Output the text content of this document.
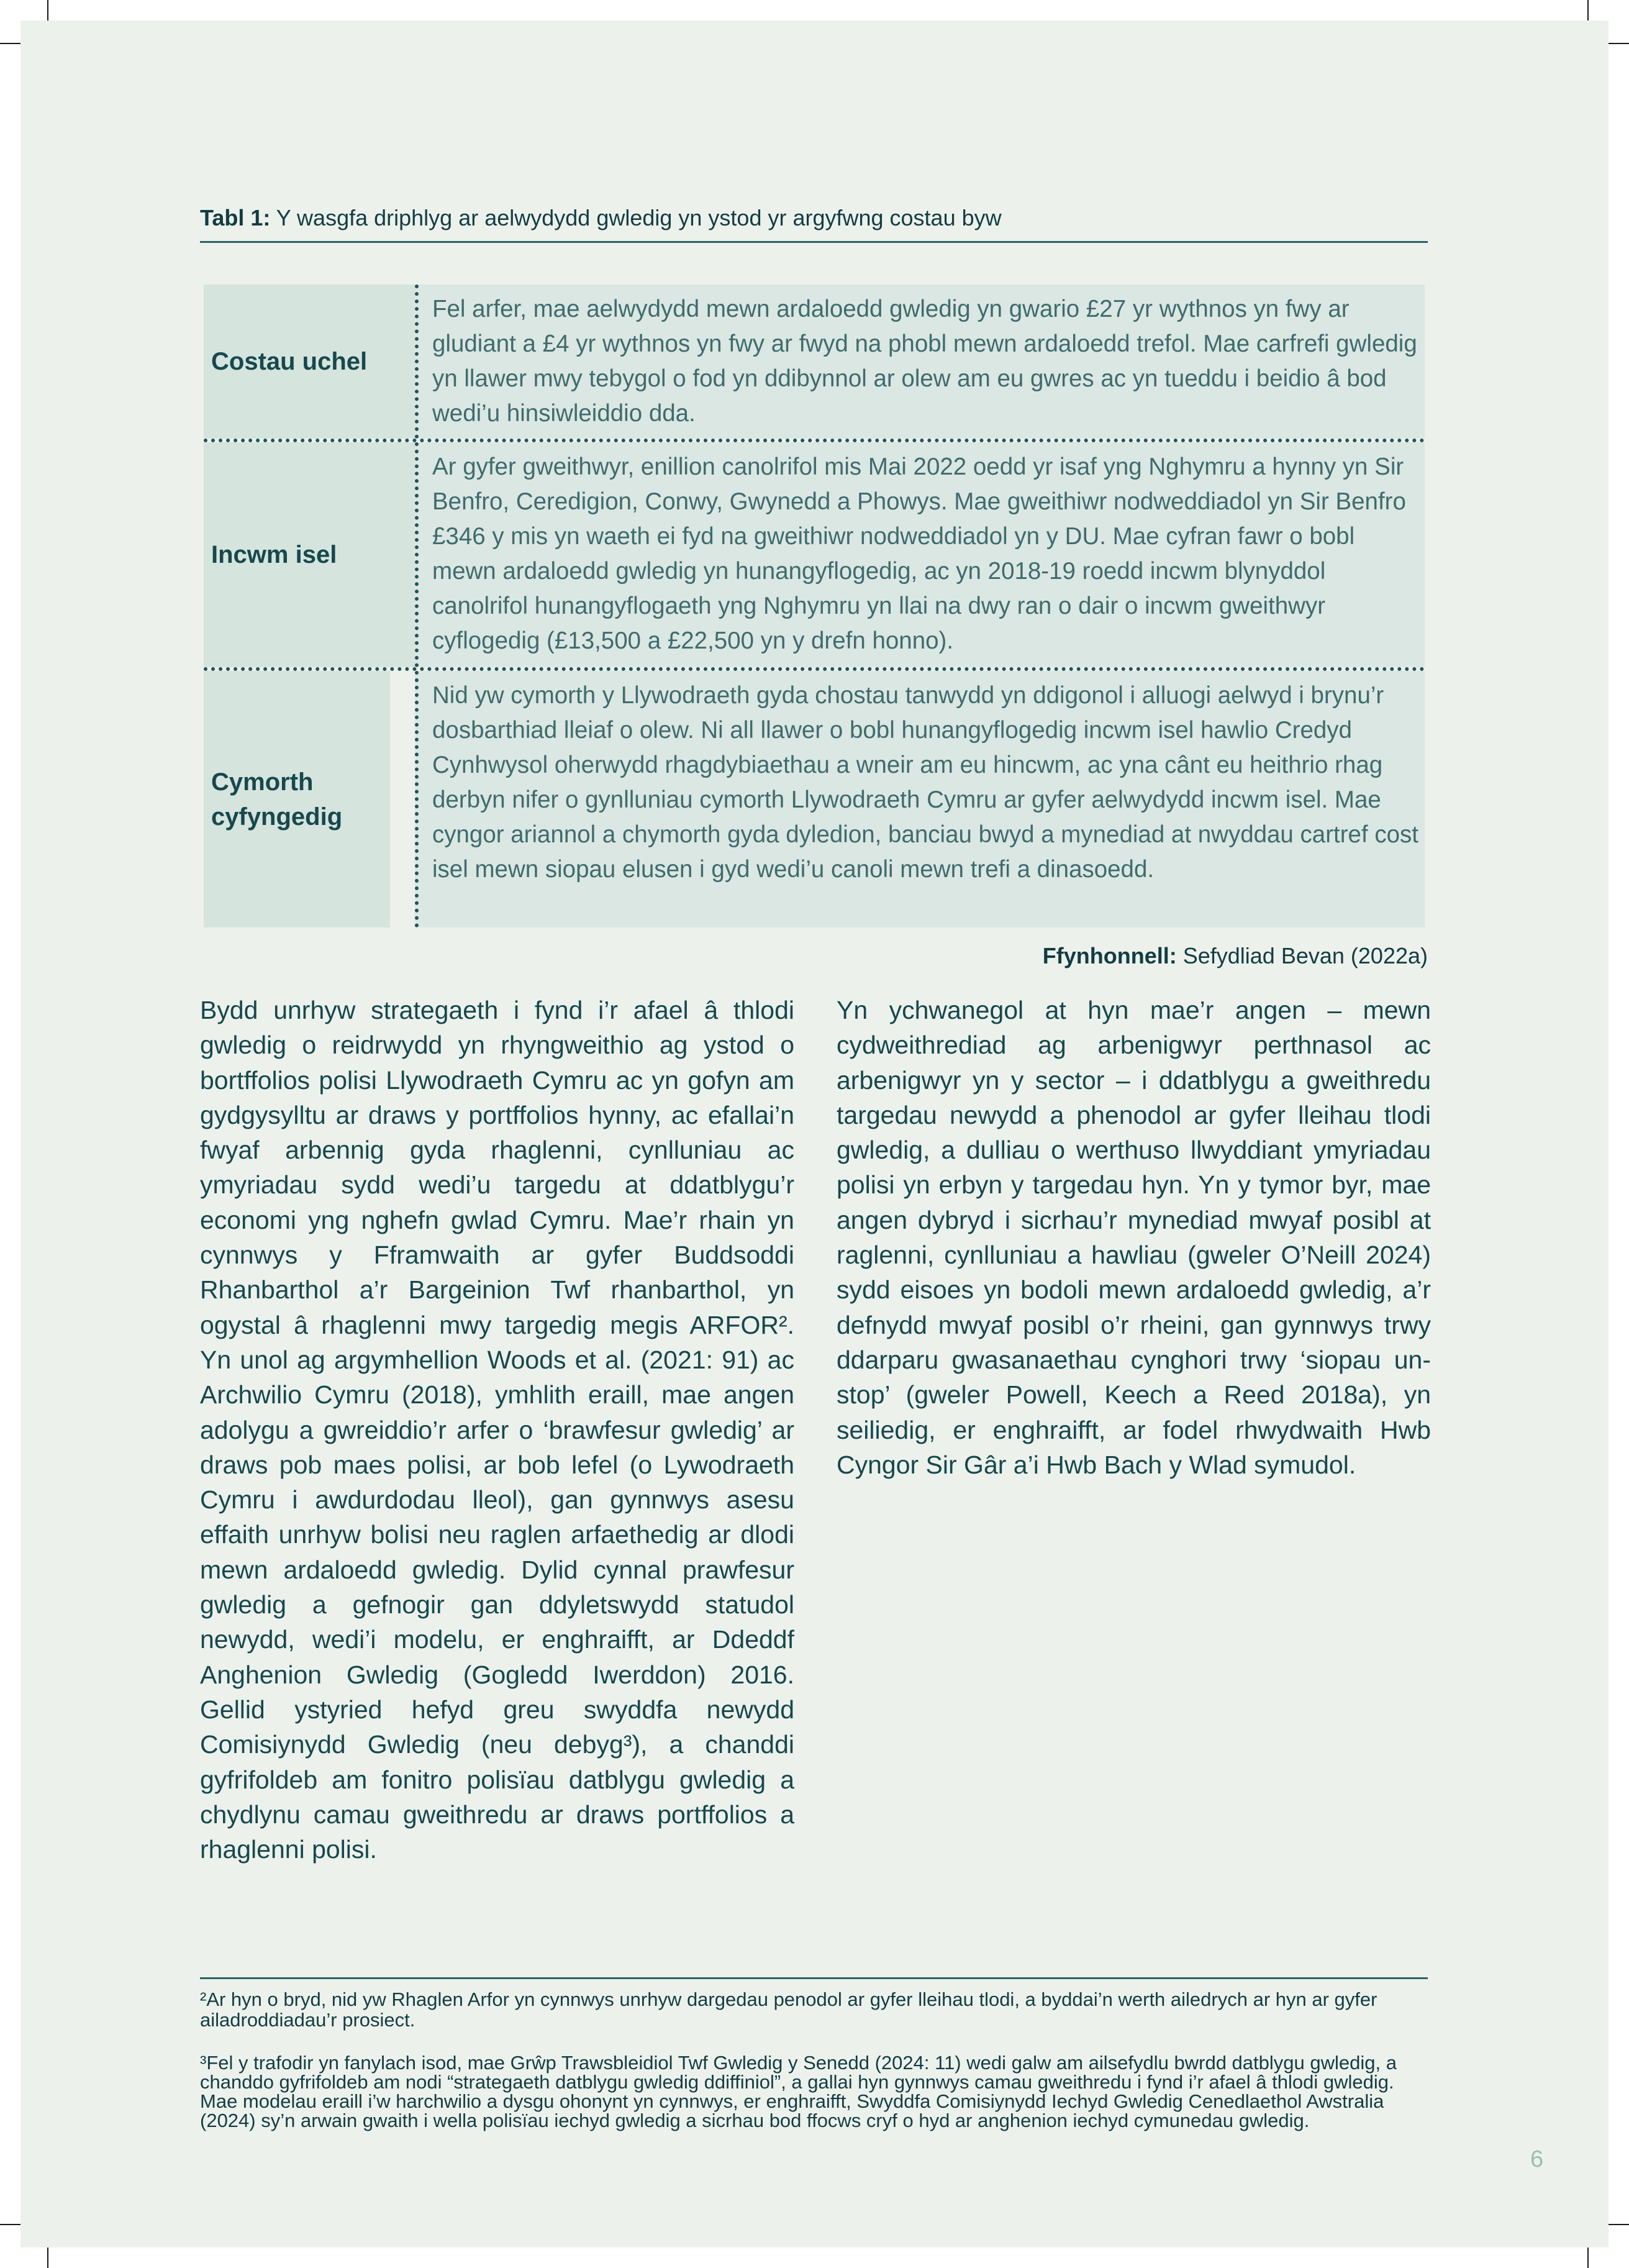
Tabl 1: Y wasgfa driphlyg ar aelwydydd gwledig yn ystod yr argyfwng costau byw
Costau uchel
Fel arfer, mae aelwydydd mewn ardaloedd gwledig yn gwario £27 yr wythnos yn fwy ar gludiant a £4 yr wythnos yn fwy ar fwyd na phobl mewn ardaloedd trefol. Mae carfrefi gwledig yn llawer mwy tebygol o fod yn ddibynnol ar olew am eu gwres ac yn tueddu i beidio â bod wedi’u hinsiwleiddio dda.
Incwm isel
Ar gyfer gweithwyr, enillion canolrifol mis Mai 2022 oedd yr isaf yng Nghymru a hynny yn Sir Benfro, Ceredigion, Conwy, Gwynedd a Phowys. Mae gweithiwr nodweddiadol yn Sir Benfro £346 y mis yn waeth ei fyd na gweithiwr nodweddiadol yn y DU. Mae cyfran fawr o bobl mewn ardaloedd gwledig yn hunangyflogedig, ac yn 2018-19 roedd incwm blynyddol canolrifol hunangyflogaeth yng Nghymru yn llai na dwy ran o dair o incwm gweithwyr cyflogedig (£13,500 a £22,500 yn y drefn honno).
Cymorth cyfyngedig
Nid yw cymorth y Llywodraeth gyda chostau tanwydd yn ddigonol i alluogi aelwyd i brynu’r dosbarthiad lleiaf o olew. Ni all llawer o bobl hunangyflogedig incwm isel hawlio Credyd Cynhwysol oherwydd rhagdybiaethau a wneir am eu hincwm, ac yna cânt eu heithrio rhag derbyn nifer o gynlluniau cymorth Llywodraeth Cymru ar gyfer aelwydydd incwm isel. Mae cyngor ariannol a chymorth gyda dyledion, banciau bwyd a mynediad at nwyddau cartref cost isel mewn siopau elusen i gyd wedi’u canoli mewn trefi a dinasoedd.
Ffynhonnell: Sefydliad Bevan (2022a)

Bydd unrhyw strategaeth i fynd i’r afael â thlodi gwledig o reidrwydd yn rhyngweithio ag ystod o bortffolios polisi Llywodraeth Cymru ac yn gofyn am gydgysylltu ar draws y portffolios hynny, ac efallai’n fwyaf arbennig gyda rhaglenni, cynlluniau ac ymyriadau sydd wedi’u targedu at ddatblygu’r economi yng nghefn gwlad Cymru. Mae’r rhain yn cynnwys y Fframwaith ar gyfer Buddsoddi Rhanbarthol a’r Bargeinion Twf rhanbarthol, yn ogystal â rhaglenni mwy targedig megis ARFOR². Yn unol ag argymhellion Woods et al. (2021: 91) ac Archwilio Cymru (2018), ymhlith eraill, mae angen adolygu a gwreiddio’r arfer o ‘brawfesur gwledig’ ar draws pob maes polisi, ar bob lefel (o Lywodraeth Cymru i awdurdodau lleol), gan gynnwys asesu effaith unrhyw bolisi neu raglen arfaethedig ar dlodi mewn ardaloedd gwledig. Dylid cynnal prawfesur gwledig a gefnogir gan ddyletswydd statudol newydd, wedi’i modelu, er enghraifft, ar Ddeddf Anghenion Gwledig (Gogledd Iwerddon) 2016. Gellid ystyried hefyd greu swyddfa newydd Comisiynydd Gwledig (neu debyg³), a chanddi gyfrifoldeb am fonitro polisïau datblygu gwledig a chydlynu camau gweithredu ar draws portffolios a rhaglenni polisi.

Yn ychwanegol at hyn mae’r angen – mewn cydweithrediad ag arbenigwyr perthnasol ac arbenigwyr yn y sector – i ddatblygu a gweithredu targedau newydd a phenodol ar gyfer lleihau tlodi gwledig, a dulliau o werthuso llwyddiant ymyriadau polisi yn erbyn y targedau hyn. Yn y tymor byr, mae angen dybryd i sicrhau’r mynediad mwyaf posibl at raglenni, cynlluniau a hawliau (gweler O’Neill 2024) sydd eisoes yn bodoli mewn ardaloedd gwledig, a’r defnydd mwyaf posibl o’r rheini, gan gynnwys trwy ddarparu gwasanaethau cynghori trwy ‘siopau un-stop’ (gweler Powell, Keech a Reed 2018a), yn seiliedig, er enghraifft, ar fodel rhwydwaith Hwb Cyngor Sir Gâr a’i Hwb Bach y Wlad symudol.

²Ar hyn o bryd, nid yw Rhaglen Arfor yn cynnwys unrhyw dargedau penodol ar gyfer lleihau tlodi, a byddai’n werth ailedrych ar hyn ar gyfer ailadroddiadau’r prosiect.
³Fel y trafodir yn fanylach isod, mae Grŵp Trawsbleidiol Twf Gwledig y Senedd (2024: 11) wedi galw am ailsefydlu bwrdd datblygu gwledig, a chanddo gyfrifoldeb am nodi “strategaeth datblygu gwledig ddiffiniol”, a gallai hyn gynnwys camau gweithredu i fynd i’r afael â thlodi gwledig. Mae modelau eraill i’w harchwilio a dysgu ohonynt yn cynnwys, er enghraifft, Swyddfa Comisiynydd Iechyd Gwledig Cenedlaethol Awstralia (2024) sy’n arwain gwaith i wella polisïau iechyd gwledig a sicrhau bod ffocws cryf o hyd ar anghenion iechyd cymunedau gwledig.
6
